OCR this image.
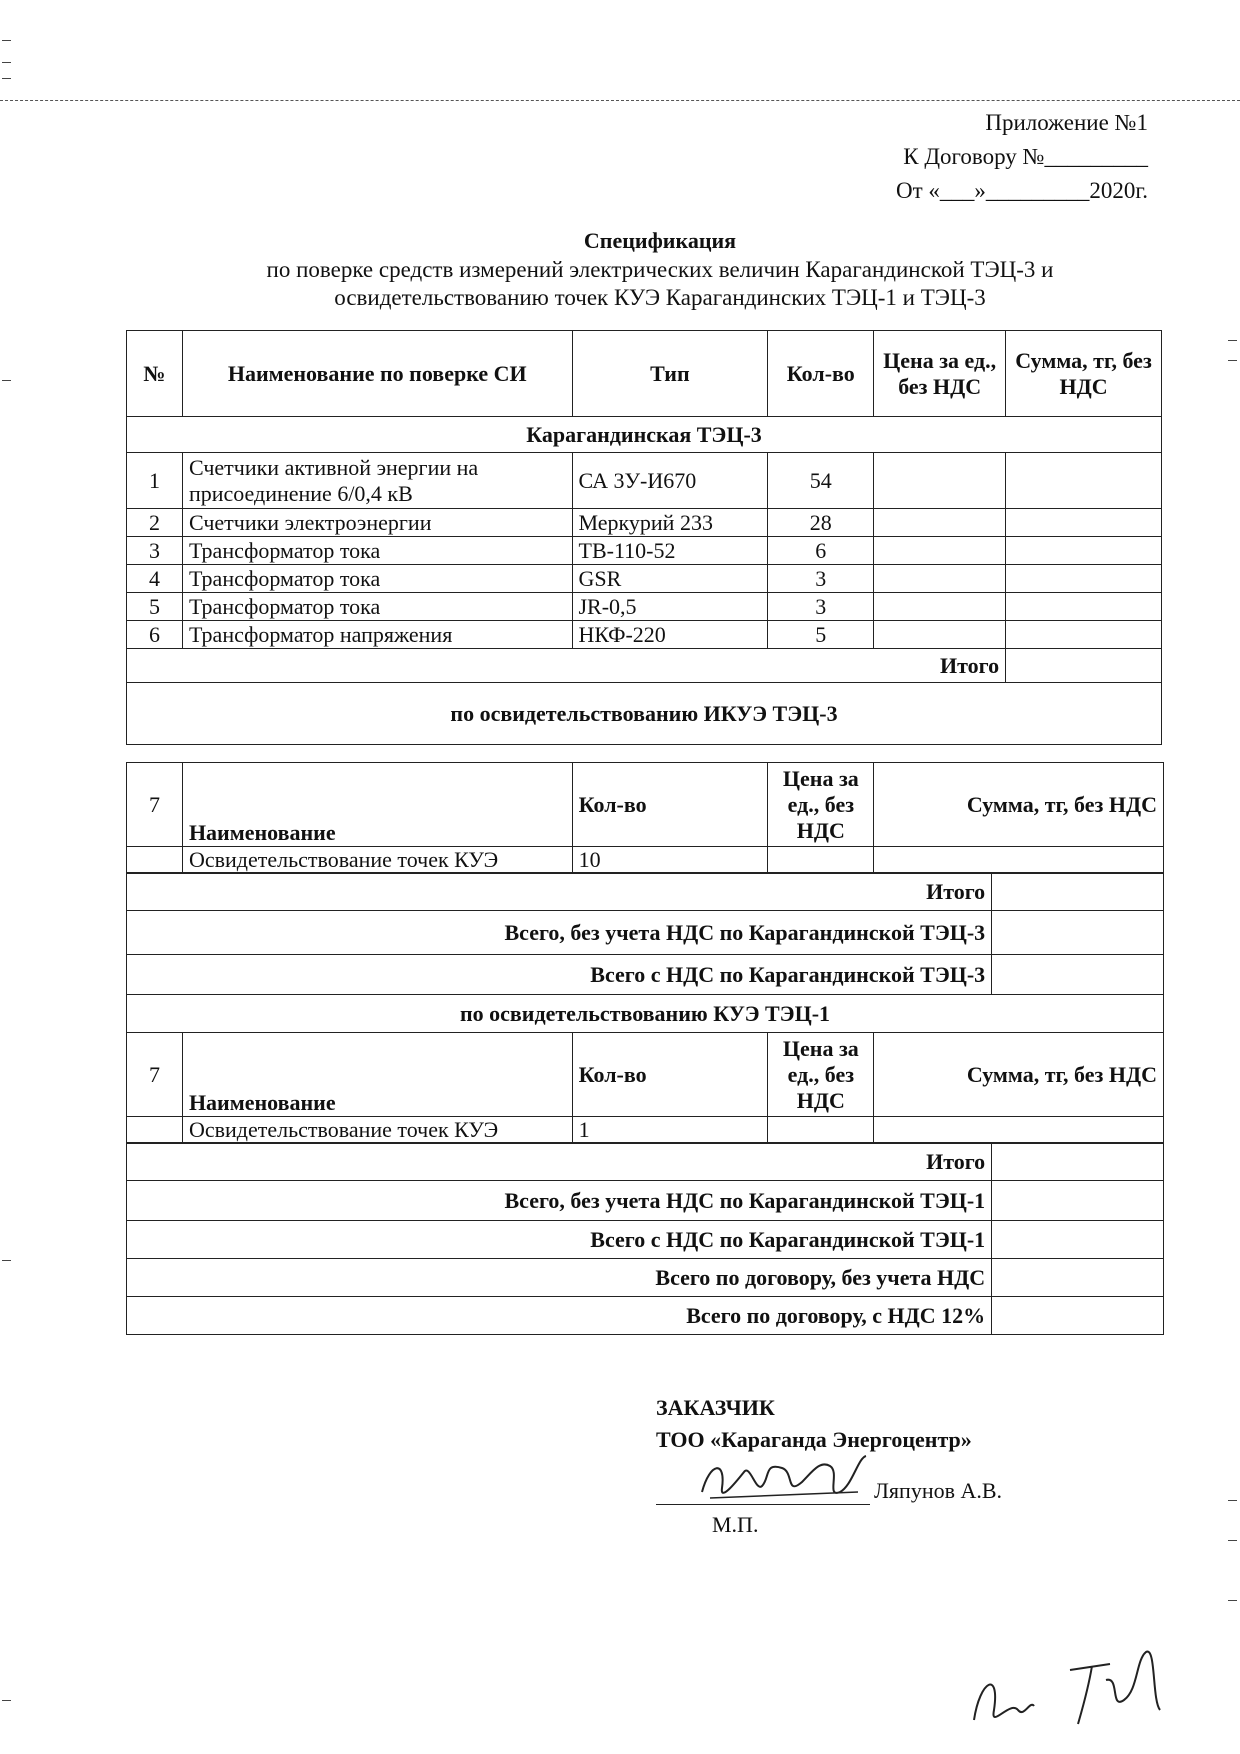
Приложение №1
К Договору №_________
От «___»_________2020г.
Спецификация
по поверке средств измерений электрических величин Карагандинской ТЭЦ-3 и
освидетельствованию точек КУЭ Карагандинских ТЭЦ-1 и ТЭЦ-3
№	Наименование по поверке СИ	Тип	Кол-во	Цена за ед., без НДС	Сумма, тг, без НДС
Карагандинская ТЭЦ-3					
1	Счетчики активной энергии на присоединение 6/0,4 кВ	СА 3У-И670	54		
2	Счетчики электроэнергии	Меркурий 233	28		
3	Трансформатор тока	ТВ-110-52	6		
4	Трансформатор тока	GSR	3		
5	Трансформатор тока	JR-0,5	3		
6	Трансформатор напряжения	НКФ-220	5		
Итого					
по освидетельствованию ИКУЭ ТЭЦ-3					
7	Наименование	Кол-во	Цена за ед., без НДС	Сумма, тг, без НДС
	Освидетельствование точек КУЭ	10		
Итого	
Всего, без учета НДС по Карагандинской ТЭЦ-3	
Всего с НДС по Карагандинской ТЭЦ-3	
по освидетельствованию КУЭ ТЭЦ-1	
7	Наименование	Кол-во	Цена за ед., без НДС	Сумма, тг, без НДС
	Освидетельствование точек КУЭ	1		
Итого	
Всего, без учета НДС по Карагандинской ТЭЦ-1	
Всего с НДС по Карагандинской ТЭЦ-1	
Всего по договору, без учета НДС	
Всего по договору, с НДС 12%	
ЗАКАЗЧИК
ТОО «Караганда Энергоцентр»
Ляпунов А.В.
М.П.
